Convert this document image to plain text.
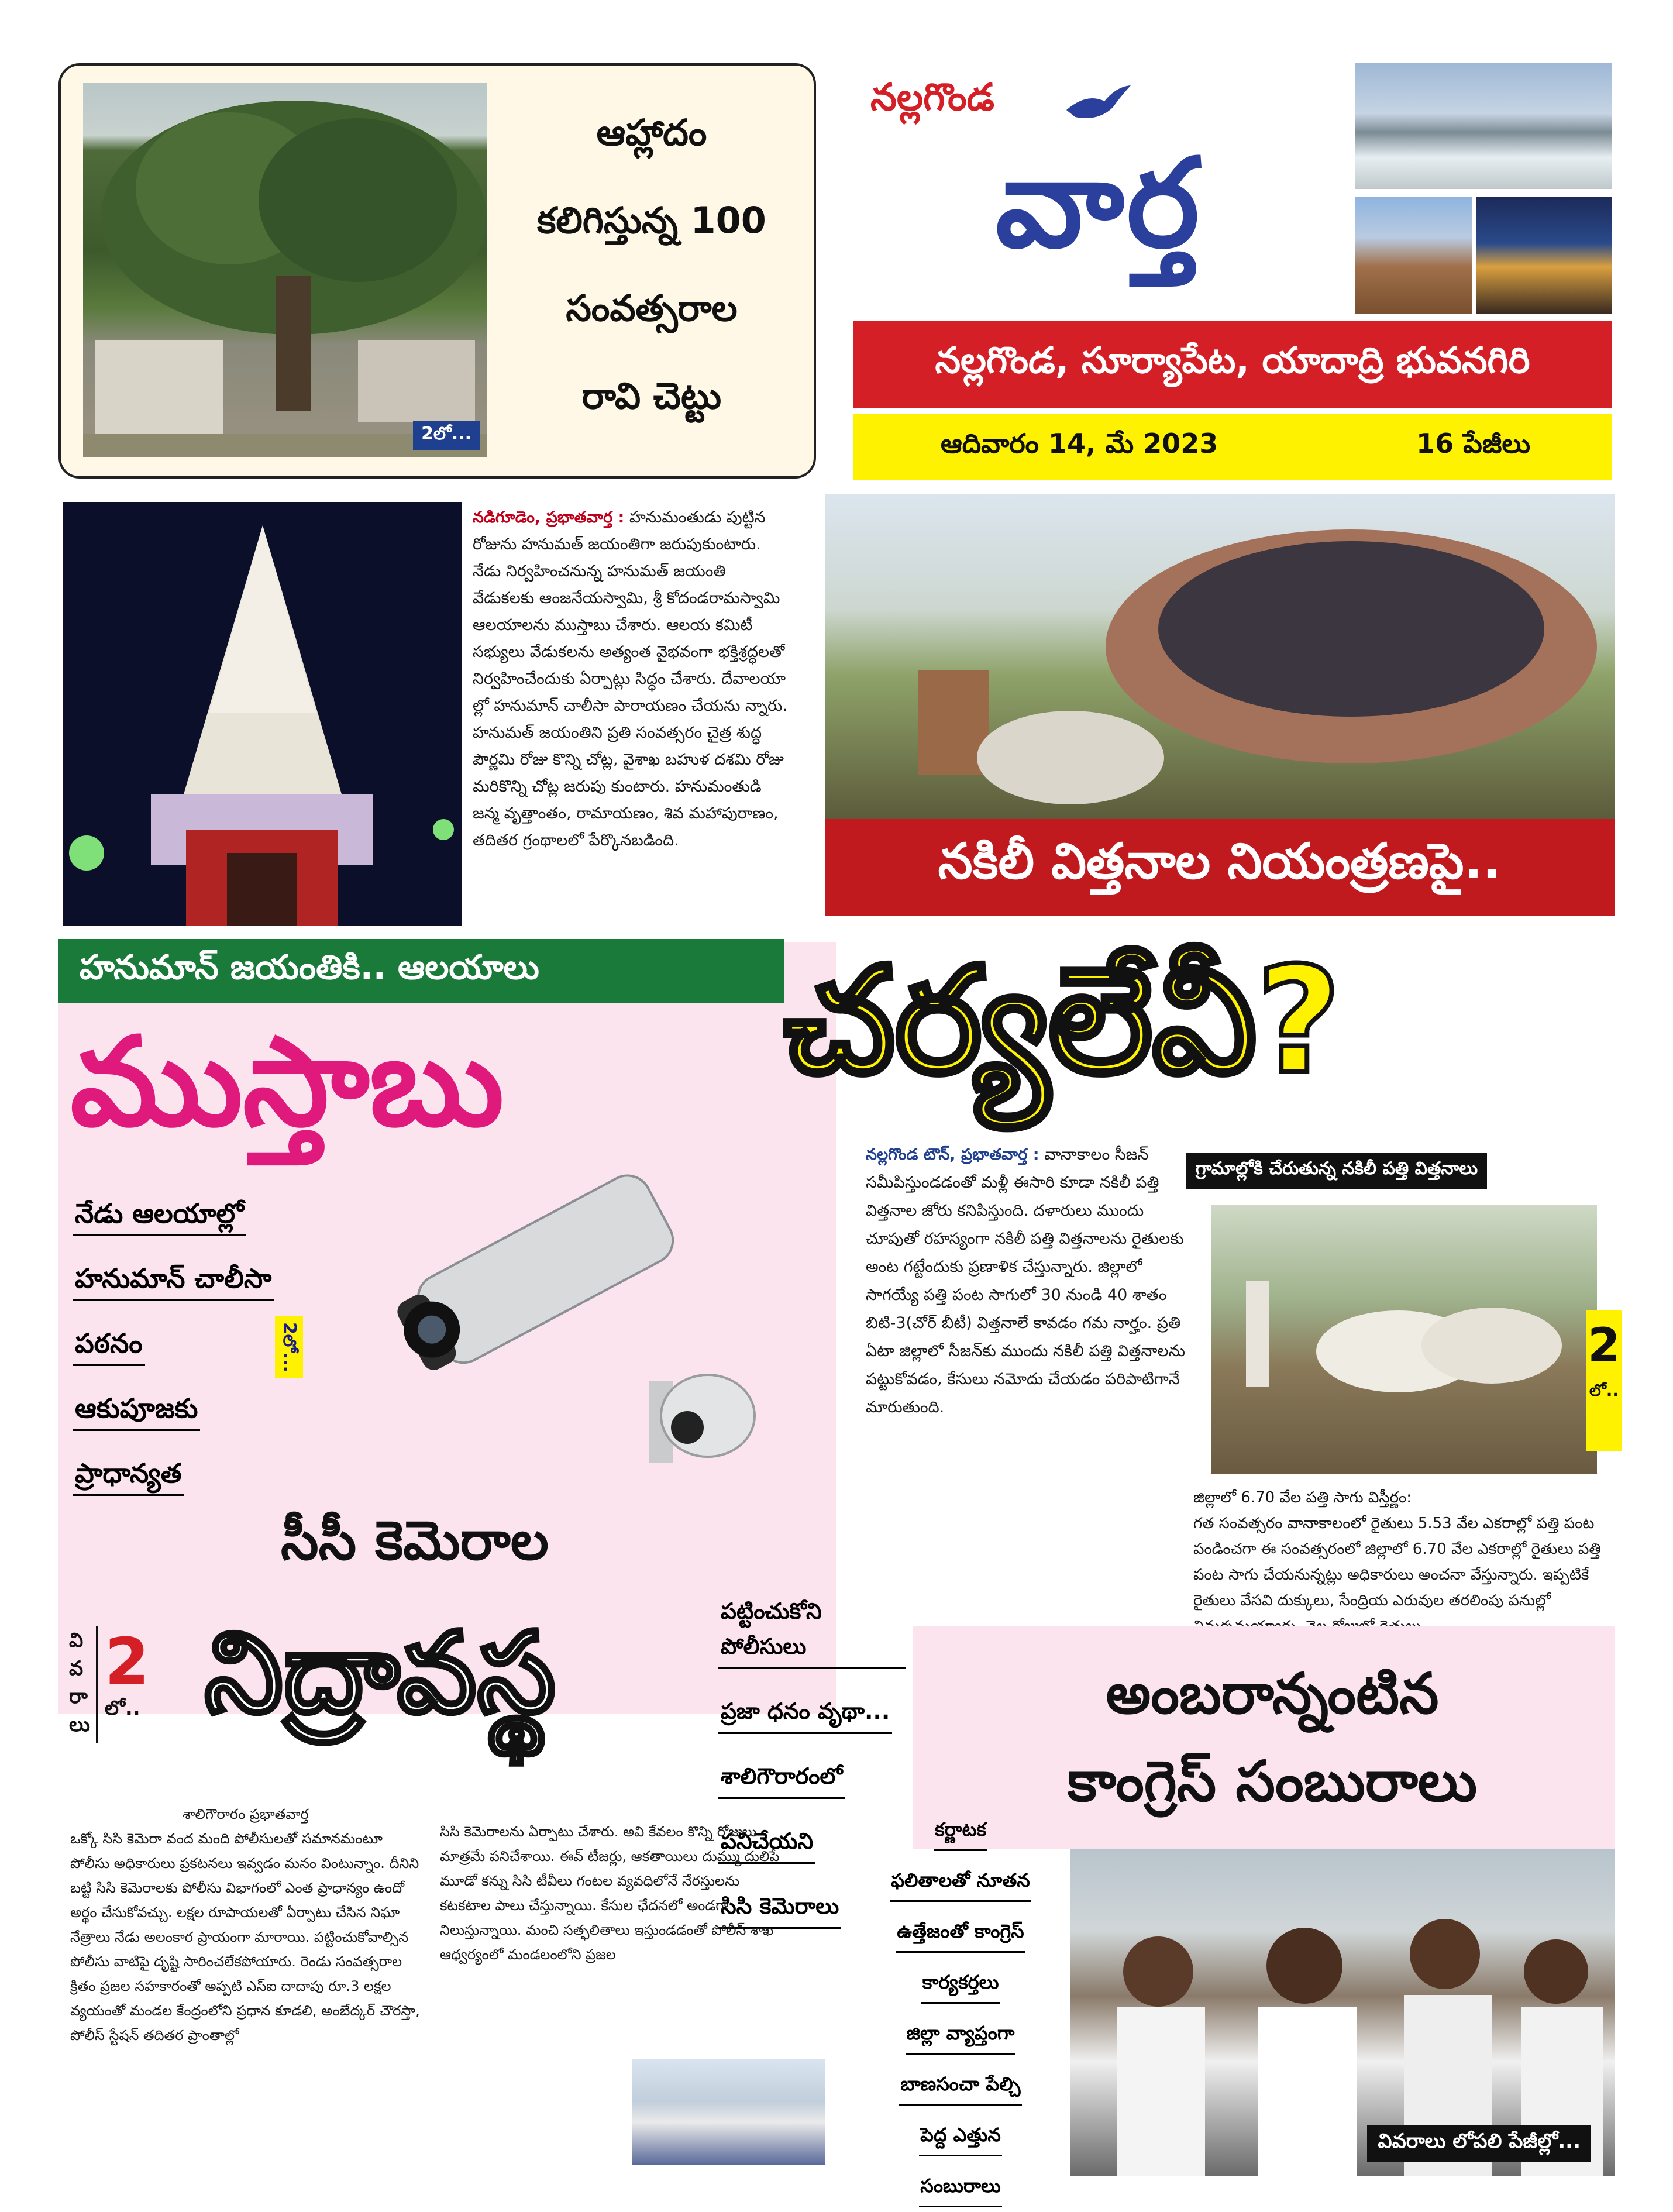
2లో...
ఆహ్లాదం
కలిగిస్తున్న 100
సంవత్సరాల
రావి చెట్టు
నల్లగొండ
వార్త
నల్లగొండ, సూర్యాపేట, యాదాద్రి భువనగిరి
ఆదివారం 14, మే 2023	16 పేజీలు
నడిగూడెం, ప్రభాతవార్త : హనుమంతుడు పుట్టిన రోజును హనుమత్ జయంతిగా జరుపుకుంటారు. నేడు నిర్వహించనున్న హనుమత్ జయంతి వేడుకలకు ఆంజనేయస్వామి, శ్రీ కోదండరామస్వామి ఆలయాలను ముస్తాబు చేశారు. ఆలయ కమిటీ సభ్యులు వేడుకలను అత్యంత వైభవంగా భక్తిశ్రద్ధలతో నిర్వహించేందుకు ఏర్పాట్లు సిద్ధం చేశారు. దేవాలయా ల్లో హనుమాన్ చాలీసా పారాయణం చేయను న్నారు. హనుమత్ జయంతిని ప్రతి సంవత్సరం చైత్ర శుద్ధ పౌర్ణమి రోజు కొన్ని చోట్ల, వైశాఖ బహుళ దశమి రోజు మరికొన్ని చోట్ల జరుపు కుంటారు. హనుమంతుడి జన్మ వృత్తాంతం, రామాయణం, శివ మహాపురాణం, తదితర గ్రంథాలలో పేర్కొనబడింది.
హనుమాన్ జయంతికి.. ఆలయాలు
ముస్తాబు
నేడు ఆలయాల్లో
హనుమాన్ చాలీసా
పఠనం
ఆకుపూజకు
ప్రాధాన్యత
2లో...
సీసీ కెమెరాల
వి
వ
రా
లు
2
లో.. నిద్రావస్థ	పట్టించుకోని పోలీసులు
ప్రజా ధనం వృథా...
శాలిగౌరారంలో
పనిచేయని
సిసి కెమెరాలు
శాలిగౌరారం ప్రభాతవార్త
ఒక్కో సిసి కెమెరా వంద మంది పోలీసులతో సమానమంటూ పోలీసు అధికారులు ప్రకటనలు ఇవ్వడం మనం వింటున్నాం. దీనిని బట్టి సిసి కెమెరాలకు పోలీసు విభాగంలో ఎంత ప్రాధాన్యం ఉందో అర్థం చేసుకోవచ్చు. లక్షల రూపాయలతో ఏర్పాటు చేసిన నిఘా నేత్రాలు నేడు అలంకార ప్రాయంగా మారాయి. పట్టించుకోవాల్సిన పోలీసు వాటిపై దృష్టి సారించలేకపోయారు. రెండు సంవత్సరాల క్రితం ప్రజల సహకారంతో అప్పటి ఎస్ఐ దాదాపు రూ.3 లక్షల వ్యయంతో మండల కేంద్రంలోని ప్రధాన కూడలి, అంబేద్కర్ చౌరస్తా, పోలీస్ స్టేషన్ తదితర ప్రాంతాల్లో
సిసి కెమెరాలను ఏర్పాటు చేశారు. అవి కేవలం కొన్ని రోజులు మాత్రమే పనిచేశాయి. ఈవ్ టీజర్లు, ఆకతాయిలు దుమ్ము దులిపే మూడో కన్ను సిసి టీవీలు గంటల వ్యవధిలోనే నేరస్తులను కటకటాల పాలు చేస్తున్నాయి. కేసుల ఛేదనలో అండగా నిలుస్తున్నాయి. మంచి సత్ఫలితాలు ఇస్తుండడంతో పోలీస్ శాఖ ఆధ్వర్యంలో మండలంలోని ప్రజల
నకిలీ విత్తనాల నియంత్రణపై..
చర్యలేవీ?
గ్రామాల్లోకి చేరుతున్న నకిలీ పత్తి విత్తనాలు
నల్లగొండ టౌన్, ప్రభాతవార్త : వానాకాలం సీజన్ సమీపిస్తుండడంతో మళ్లీ ఈసారి కూడా నకిలీ పత్తి విత్తనాల జోరు కనిపిస్తుంది. దళారులు ముందు చూపుతో రహస్యంగా నకిలీ పత్తి విత్తనాలను రైతులకు అంట గట్టేందుకు ప్రణాళిక చేస్తున్నారు. జిల్లాలో సాగయ్యే పత్తి పంట సాగులో 30 నుండి 40 శాతం బిటి-3(చోర్ బీటీ) విత్తనాలే కావడం గమ నార్హం. ప్రతి ఏటా జిల్లాలో సీజన్‌కు ముందు నకిలీ పత్తి విత్తనాలను పట్టుకోవడం, కేసులు నమోదు చేయడం పరిపాటిగానే మారుతుంది.
2
లో..
జిల్లాలో 6.70 వేల పత్తి సాగు విస్తీర్ణం:
గత సంవత్సరం వానాకాలంలో రైతులు 5.53 వేల ఎకరాల్లో పత్తి పంట పండించగా ఈ సంవత్సరంలో జిల్లాలో 6.70 వేల ఎకరాల్లో రైతులు పత్తి పంట సాగు చేయనున్నట్లు అధికారులు అంచనా వేస్తున్నారు. ఇప్పటికే రైతులు వేసవి దుక్కులు, సేంద్రియ ఎరువుల తరలింపు పనుల్లో
అంబరాన్నంటిన
కాంగ్రెస్ సంబురాలు
కర్ణాటక
ఫలితాలతో నూతన
ఉత్తేజంతో కాంగ్రెస్
కార్యకర్తలు
జిల్లా వ్యాప్తంగా
బాణసంచా పేల్చి
పెద్ద ఎత్తున
సంబురాలు
వివరాలు లోపలి పేజీల్లో...
